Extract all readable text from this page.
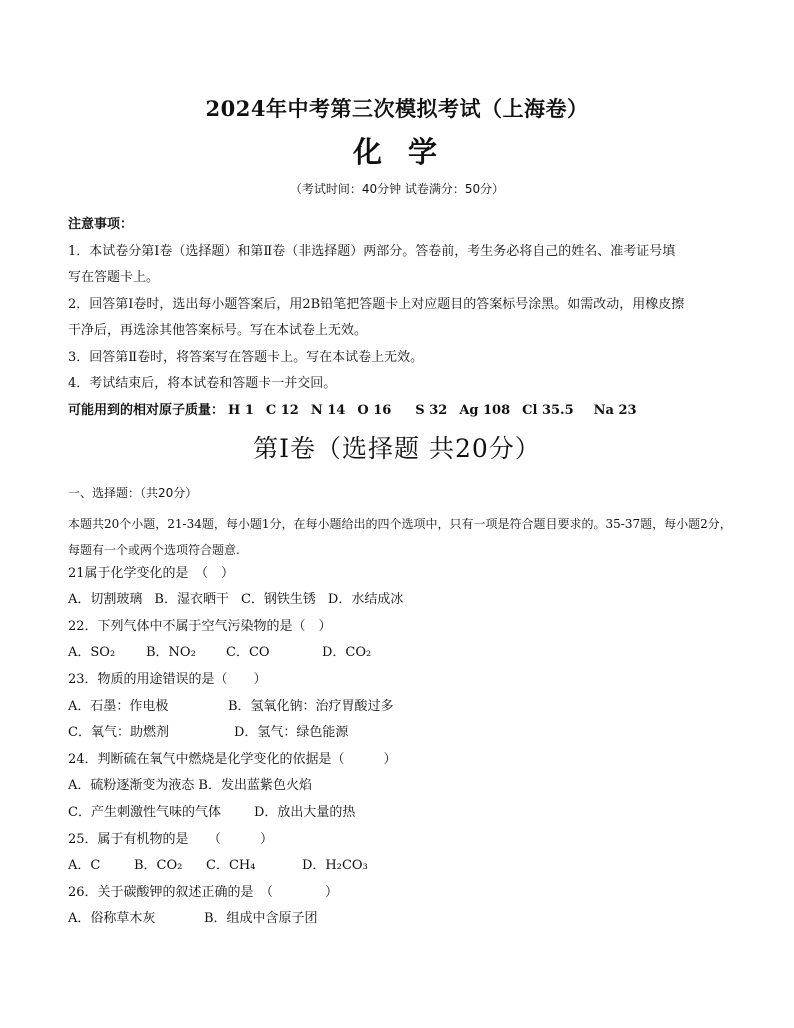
2024年中考第三次模拟考试（上海卷）
化学
（考试时间：40分钟 试卷满分：50分）
注意事项：
1．本试卷分第Ⅰ卷（选择题）和第Ⅱ卷（非选择题）两部分。答卷前，考生务必将自己的姓名、准考证号填
写在答题卡上。
2．回答第Ⅰ卷时，选出每小题答案后，用2B铅笔把答题卡上对应题目的答案标号涂黑。如需改动，用橡皮擦
干净后，再选涂其他答案标号。写在本试卷上无效。
3．回答第Ⅱ卷时，将答案写在答题卡上。写在本试卷上无效。
4．考试结束后，将本试卷和答题卡一并交回。
可能用到的相对原子质量： H 1 C 12 N 14 O 16 S 32 Ag 108 Cl 35.5 Na 23
第Ⅰ卷（选择题 共20分）
一、选择题：（共20分）
本题共20个小题，21-34题，每小题1分，在每小题给出的四个选项中，只有一项是符合题目要求的。35-37题，每小题2分，每题有一个或两个选项符合题意.
21属于化学变化的是　（　）
A．切割玻璃 B．湿衣晒干 C．钢铁生锈 D．水结成冰
22．下列气体中不属于空气污染物的是（　）
A．SO₂ B．NO₂ C．CO	D．CO₂
23．物质的用途错误的是（　　）
A．石墨：作电极	B．氢氧化钠：治疗胃酸过多
C．氧气：助燃剂	D．氢气：绿色能源
24．判断硫在氧气中燃烧是化学变化的依据是（　　　）
A．硫粉逐渐变为液态 B．发出蓝紫色火焰
C．产生刺激性气味的气体	D．放出大量的热
25．属于有机物的是　　（　　　）
A．C	B．CO₂ C．CH₄	D．H₂CO₃
26．关于碳酸钾的叙述正确的是　（　　　　）
A．俗称草木灰	B．组成中含原子团
